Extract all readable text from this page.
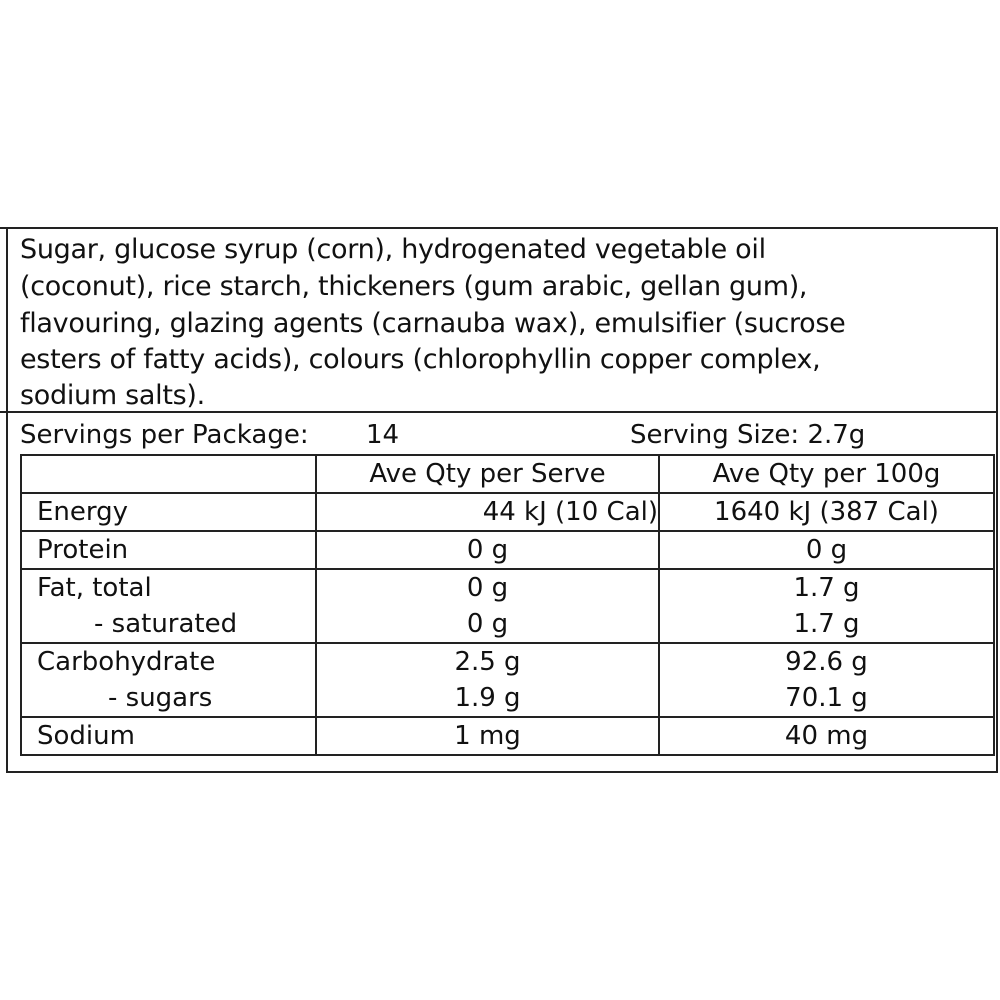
Sugar, glucose syrup (corn), hydrogenated vegetable oil
(coconut), rice starch, thickeners (gum arabic, gellan gum),
flavouring, glazing agents (carnauba wax), emulsifier (sucrose
esters of fatty acids), colours (chlorophyllin copper complex,
sodium salts).
Servings per Package: 14	Serving Size: 2.7g
	Ave Qty per Serve	Ave Qty per 100g
Energy	44 kJ (10 Cal)	1640 kJ (387 Cal)
Protein	0 g	0 g
Fat, total	0 g	1.7 g
- saturated	0 g	1.7 g
Carbohydrate	2.5 g	92.6 g
- sugars	1.9 g	70.1 g
Sodium	1 mg	40 mg
